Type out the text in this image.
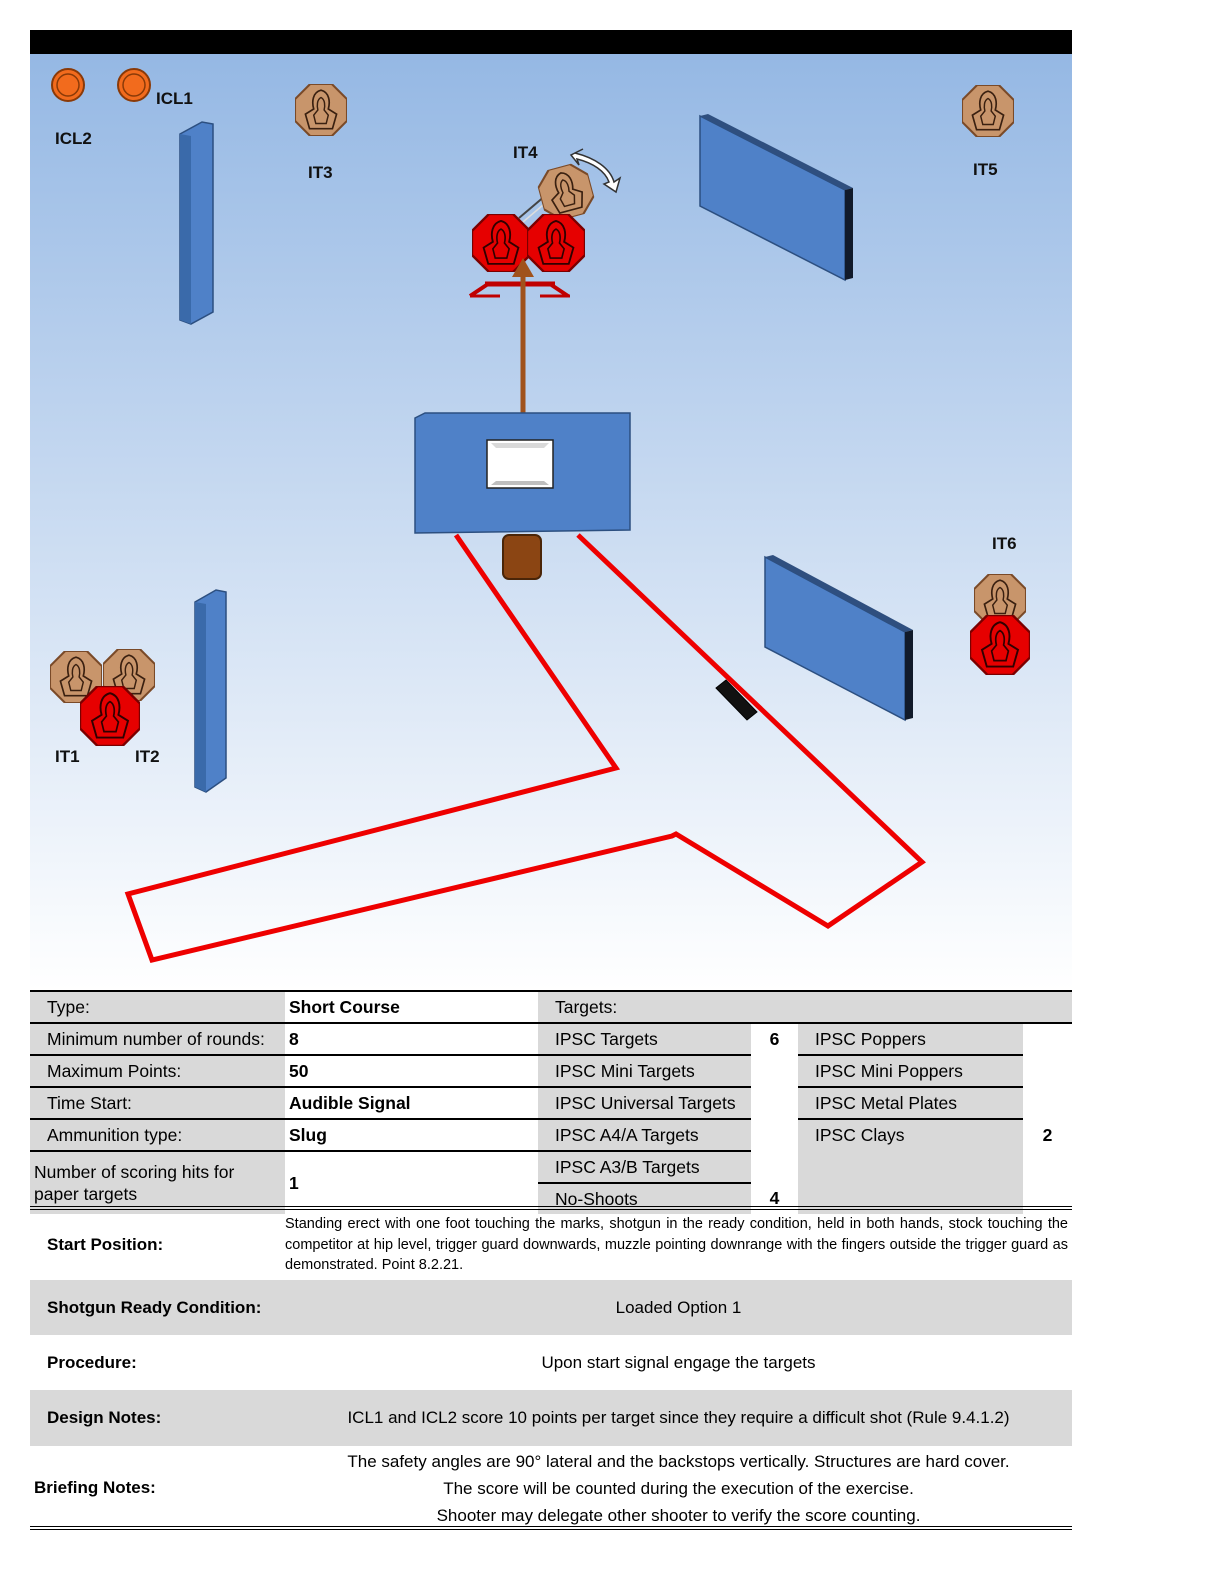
ICL1
ICL2
IT3
IT4
IT5
IT6
IT1	IT2
Type:	Short Course	Targets:			
Minimum number of rounds:	8	IPSC Targets	6	IPSC Poppers	
Maximum Points:	50	IPSC Mini Targets		IPSC Mini Poppers	
Time Start:	Audible Signal	IPSC Universal Targets		IPSC Metal Plates	
Ammunition type:	Slug	IPSC A4/A Targets		IPSC Clays	2
Number of scoring hits for paper targets	1	IPSC A3/B Targets			
		No-Shoots	4		
Start Position:
Standing erect with one foot touching the marks, shotgun in the ready condition, held in both hands, stock touching the competitor at hip level, trigger guard downwards, muzzle pointing downrange with the fingers outside the trigger guard as demonstrated. Point 8.2.21.
Shotgun Ready Condition:	Loaded Option 1
Procedure:	Upon start signal engage the targets
Design Notes:	ICL1 and ICL2 score 10 points per target since they require a difficult shot (Rule 9.4.1.2)
Briefing Notes:

The safety angles are 90° lateral and the backstops vertically. Structures are hard cover.

The score will be counted during the execution of the exercise.

Shooter may delegate other shooter to verify the score counting.
